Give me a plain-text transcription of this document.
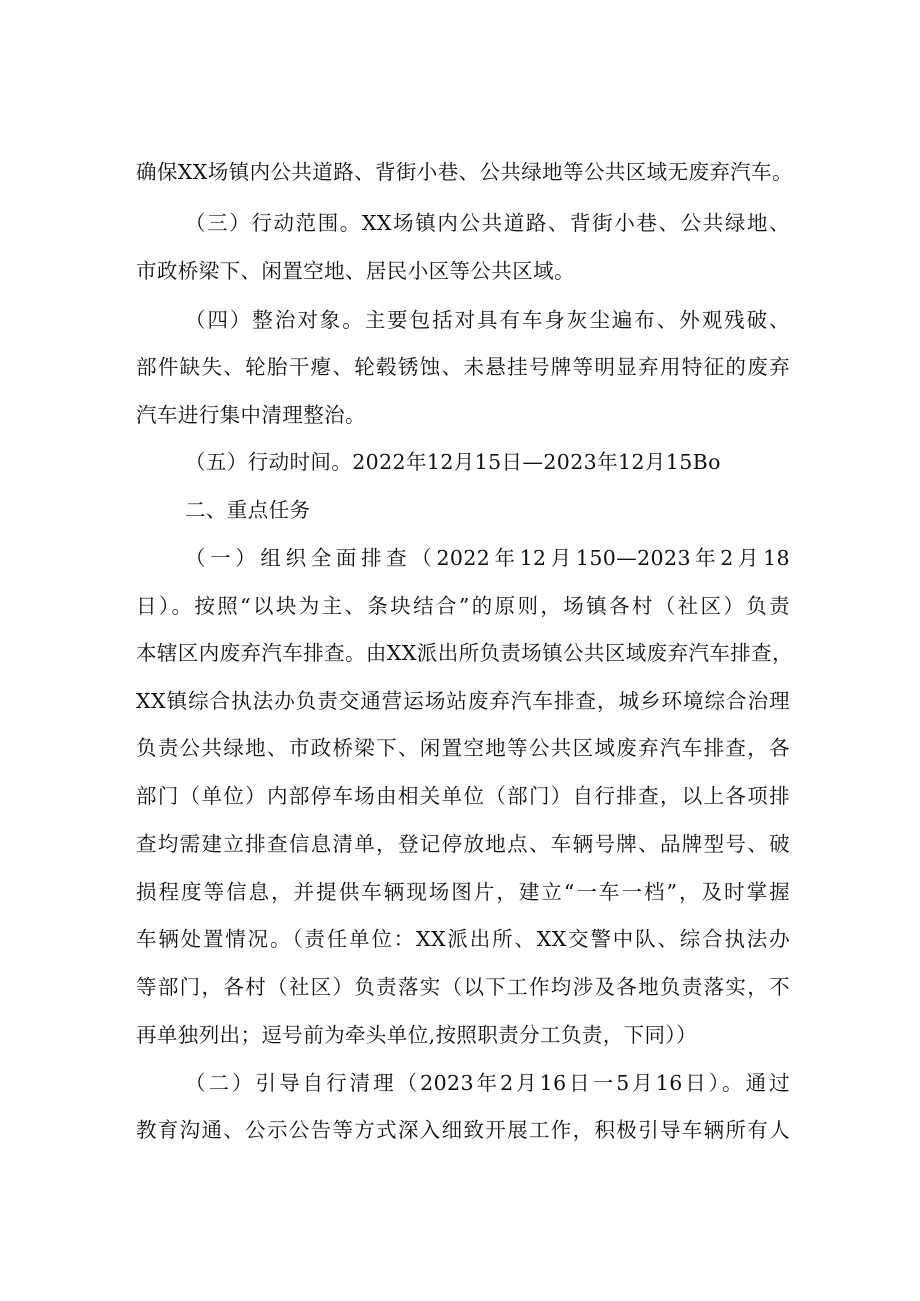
确保XX场镇内公共道路、背街小巷、公共绿地等公共区域无废弃汽车。
（三）行动范围。XX场镇内公共道路、背街小巷、公共绿地、
市政桥梁下、闲置空地、居民小区等公共区域。
（四）整治对象。主要包括对具有车身灰尘遍布、外观残破、
部件缺失、轮胎干瘪、轮毂锈蚀、未悬挂号牌等明显弃用特征的废弃
汽车进行集中清理整治。
（五）行动时间。2022年12月15日—2023年12月15Bo
二、重点任务
（一）组织全面排查（2022年12月150—2023年2月18
日）。按照“以块为主、条块结合”的原则，场镇各村（社区）负责
本辖区内废弃汽车排查。由XX派出所负责场镇公共区域废弃汽车排查，
XX镇综合执法办负责交通营运场站废弃汽车排查，城乡环境综合治理
负责公共绿地、市政桥梁下、闲置空地等公共区域废弃汽车排查，各
部门（单位）内部停车场由相关单位（部门）自行排查，以上各项排
查均需建立排查信息清单，登记停放地点、车辆号牌、品牌型号、破
损程度等信息，并提供车辆现场图片，建立“一车一档”，及时掌握
车辆处置情况。（责任单位：XX派出所、XX交警中队、综合执法办
等部门，各村（社区）负责落实（以下工作均涉及各地负责落实，不
再单独列出；逗号前为牵头单位,按照职责分工负责，下同））
（二）引导自行清理（2023年2月16日一5月16日）。通过
教育沟通、公示公告等方式深入细致开展工作，积极引导车辆所有人
